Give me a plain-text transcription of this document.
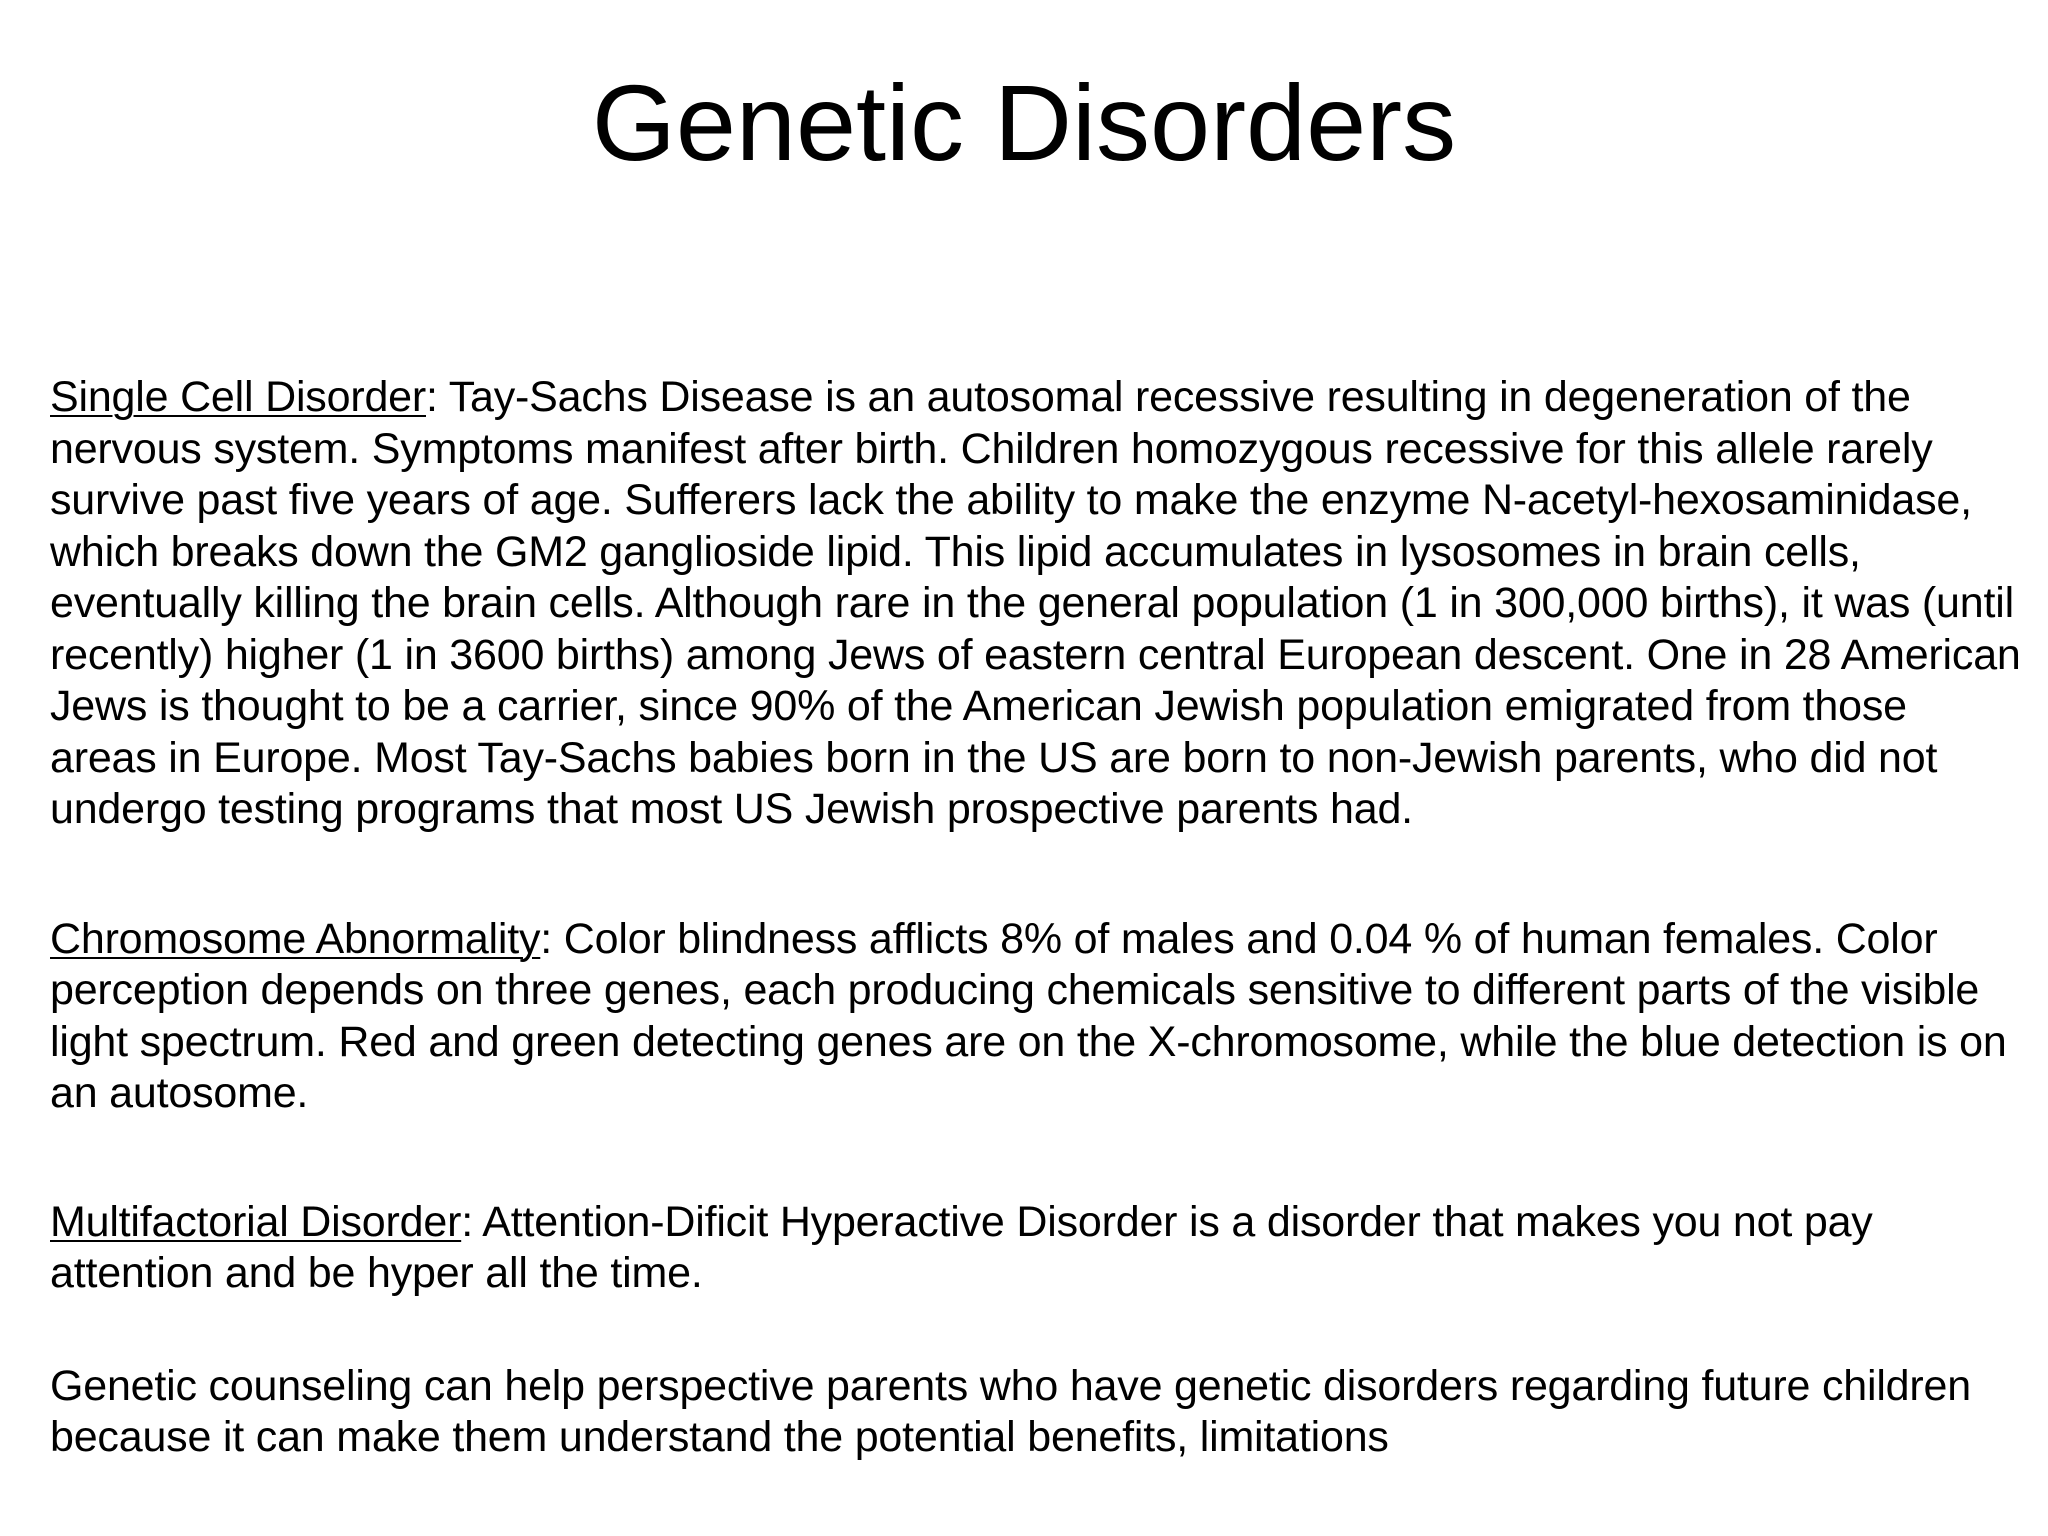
Genetic Disorders

Single Cell Disorder: Tay-Sachs Disease is an autosomal recessive resulting in degeneration of the nervous system. Symptoms manifest after birth. Children homozygous recessive for this allele rarely survive past five years of age. Sufferers lack the ability to make the enzyme N-acetyl-hexosaminidase, which breaks down the GM2 ganglioside lipid. This lipid accumulates in lysosomes in brain cells, eventually killing the brain cells. Although rare in the general population (1 in 300,000 births), it was (until recently) higher (1 in 3600 births) among Jews of eastern central European descent. One in 28 American Jews is thought to be a carrier, since 90% of the American Jewish population emigrated from those areas in Europe. Most Tay-Sachs babies born in the US are born to non-Jewish parents, who did not undergo testing programs that most US Jewish prospective parents had.

Chromosome Abnormality: Color blindness afflicts 8% of males and 0.04 % of human females. Color perception depends on three genes, each producing chemicals sensitive to different parts of the visible light spectrum. Red and green detecting genes are on the X-chromosome, while the blue detection is on an autosome.

Multifactorial Disorder: Attention-Dificit Hyperactive Disorder is a disorder that makes you not pay attention and be hyper all the time.

Genetic counseling can help perspective parents who have genetic disorders regarding future children because it can make them understand the potential benefits, limitations
